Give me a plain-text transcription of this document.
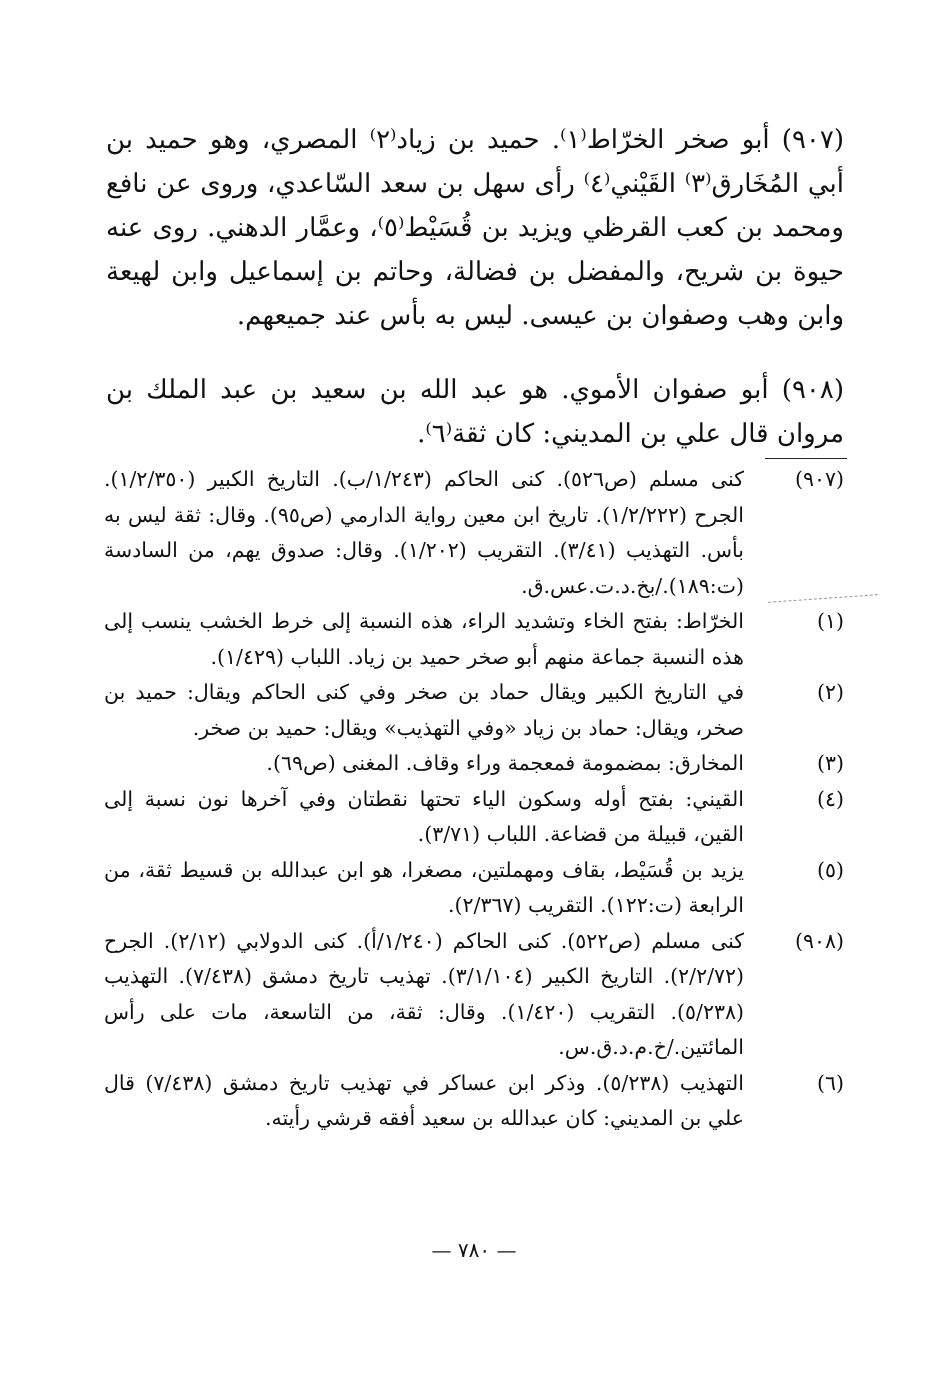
(٩٠٧) أبو صخر الخرّاط⁽١⁾. حميد بن زياد⁽٢⁾ المصري، وهو حميد بن أبي المُخَارق⁽٣⁾ القَيْني⁽٤⁾ رأى سهل بن سعد السّاعدي، وروى عن نافع ومحمد بن كعب القرظي ويزيد بن قُسَيْط⁽٥⁾، وعمَّار الدهني. روى عنه حيوة بن شريح، والمفضل بن فضالة، وحاتم بن إسماعيل وابن لهيعة وابن وهب وصفوان بن عيسى. ليس به بأس عند جميعهم.

(٩٠٨) أبو صفوان الأموي. هو عبد الله بن سعيد بن عبد الملك بن مروان قال علي بن المديني: كان ثقة⁽٦⁾.

(٩٠٧)
كنى مسلم (ص٥٢٦). كنى الحاكم (١/٢٤٣/ب). التاريخ الكبير (١/٢/٣٥٠). الجرح (١/٢/٢٢٢). تاريخ ابن معين رواية الدارمي (ص٩٥). وقال: ثقة ليس به بأس. التهذيب (٣/٤١). التقريب (١/٢٠٢). وقال: صدوق يهم، من السادسة (ت:١٨٩)./بخ.د.ت.عس.ق.
(١)
الخرّاط: بفتح الخاء وتشديد الراء، هذه النسبة إلى خرط الخشب ينسب إلى هذه النسبة جماعة منهم أبو صخر حميد بن زياد. اللباب (١/٤٢٩).
(٢)
في التاريخ الكبير ويقال حماد بن صخر وفي كنى الحاكم ويقال: حميد بن صخر، ويقال: حماد بن زياد «وفي التهذيب» ويقال: حميد بن صخر.
(٣)
المخارق: بمضمومة فمعجمة وراء وقاف. المغنى (ص٦٩).
(٤)
القيني: بفتح أوله وسكون الياء تحتها نقطتان وفي آخرها نون نسبة إلى القين، قبيلة من قضاعة. اللباب (٣/٧١).
(٥)
يزيد بن قُسَيْط، بقاف ومهملتين، مصغرا، هو ابن عبدالله بن قسيط ثقة، من الرابعة (ت:١٢٢). التقريب (٢/٣٦٧).
(٩٠٨)
كنى مسلم (ص٥٢٢). كنى الحاكم (١/٢٤٠/أ). كنى الدولابي (٢/١٢). الجرح (٢/٢/٧٢). التاريخ الكبير (٣/١/١٠٤). تهذيب تاريخ دمشق (٧/٤٣٨). التهذيب (٥/٢٣٨). التقريب (١/٤٢٠). وقال: ثقة، من التاسعة، مات على رأس المائتين./خ.م.د.ق.س.
(٦)
التهذيب (٥/٢٣٨). وذكر ابن عساكر في تهذيب تاريخ دمشق (٧/٤٣٨) قال علي بن المديني: كان عبدالله بن سعيد أفقه قرشي رأيته.
— ٧٨٠ —
